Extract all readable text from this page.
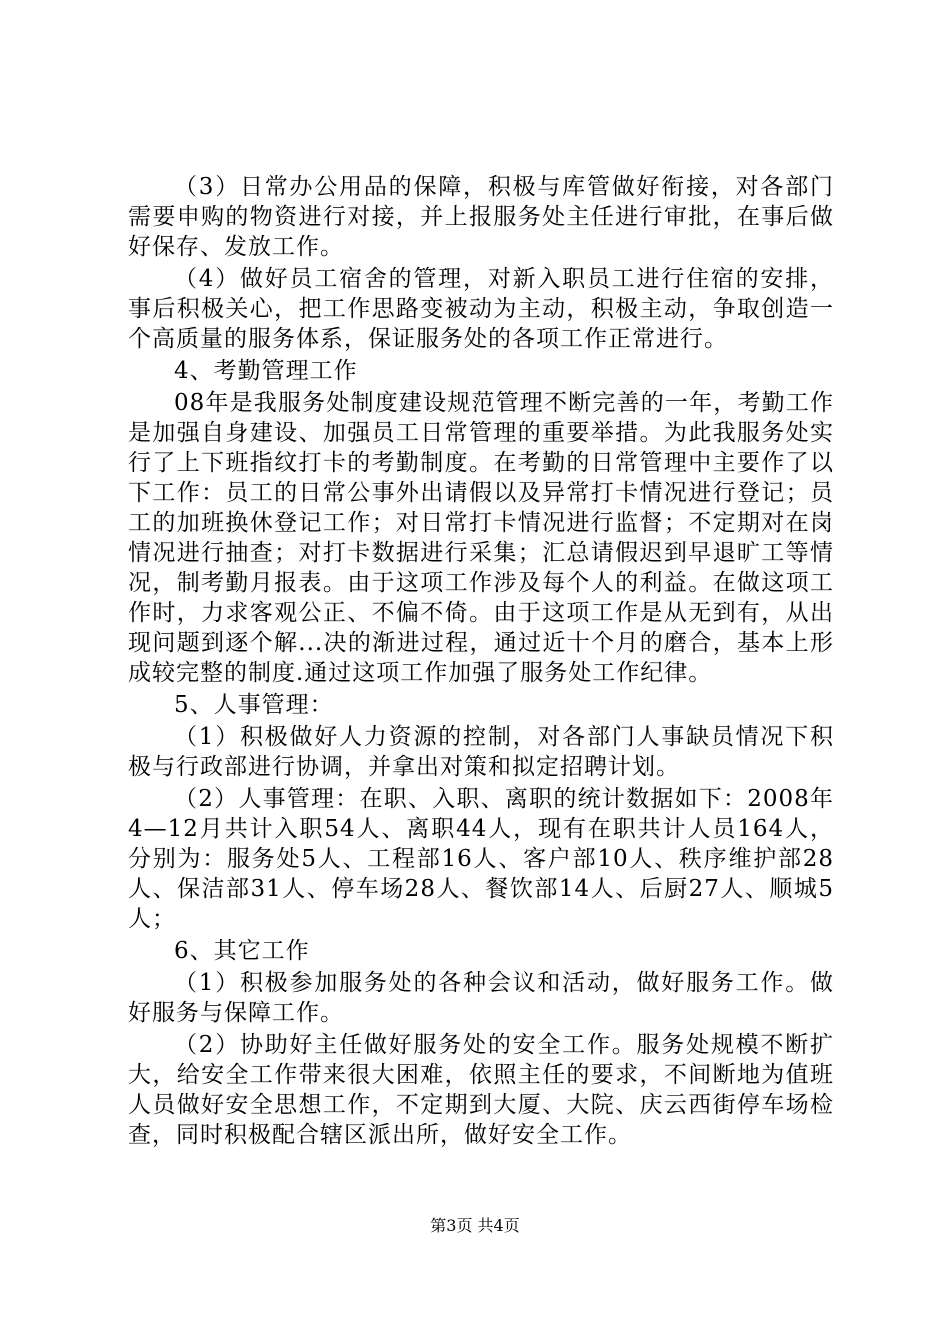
（3）日常办公用品的保障，积极与库管做好衔接，对各部门需要申购的物资进行对接，并上报服务处主任进行审批，在事后做好保存、发放工作。

（4）做好员工宿舍的管理，对新入职员工进行住宿的安排，事后积极关心，把工作思路变被动为主动，积极主动，争取创造一个高质量的服务体系，保证服务处的各项工作正常进行。

4、考勤管理工作

08年是我服务处制度建设规范管理不断完善的一年，考勤工作是加强自身建设、加强员工日常管理的重要举措。为此我服务处实行了上下班指纹打卡的考勤制度。在考勤的日常管理中主要作了以下工作：员工的日常公事外出请假以及异常打卡情况进行登记；员工的加班换休登记工作；对日常打卡情况进行监督；不定期对在岗情况进行抽查；对打卡数据进行采集；汇总请假迟到早退旷工等情况，制考勤月报表。由于这项工作涉及每个人的利益。在做这项工作时，力求客观公正、不偏不倚。由于这项工作是从无到有，从出现问题到逐个解...决的渐进过程，通过近十个月的磨合，基本上形成较完整的制度.通过这项工作加强了服务处工作纪律。

5、人事管理：

（1）积极做好人力资源的控制，对各部门人事缺员情况下积极与行政部进行协调，并拿出对策和拟定招聘计划。

（2）人事管理：在职、入职、离职的统计数据如下：2008年4—12月共计入职54人、离职44人，现有在职共计人员164人，分别为：服务处5人、工程部16人、客户部10人、秩序维护部28人、保洁部31人、停车场28人、餐饮部14人、后厨27人、顺城5人；

6、其它工作

（1）积极参加服务处的各种会议和活动，做好服务工作。做好服务与保障工作。

（2）协助好主任做好服务处的安全工作。服务处规模不断扩大，给安全工作带来很大困难，依照主任的要求，不间断地为值班人员做好安全思想工作，不定期到大厦、大院、庆云西街停车场检查，同时积极配合辖区派出所，做好安全工作。

第3页 共4页
